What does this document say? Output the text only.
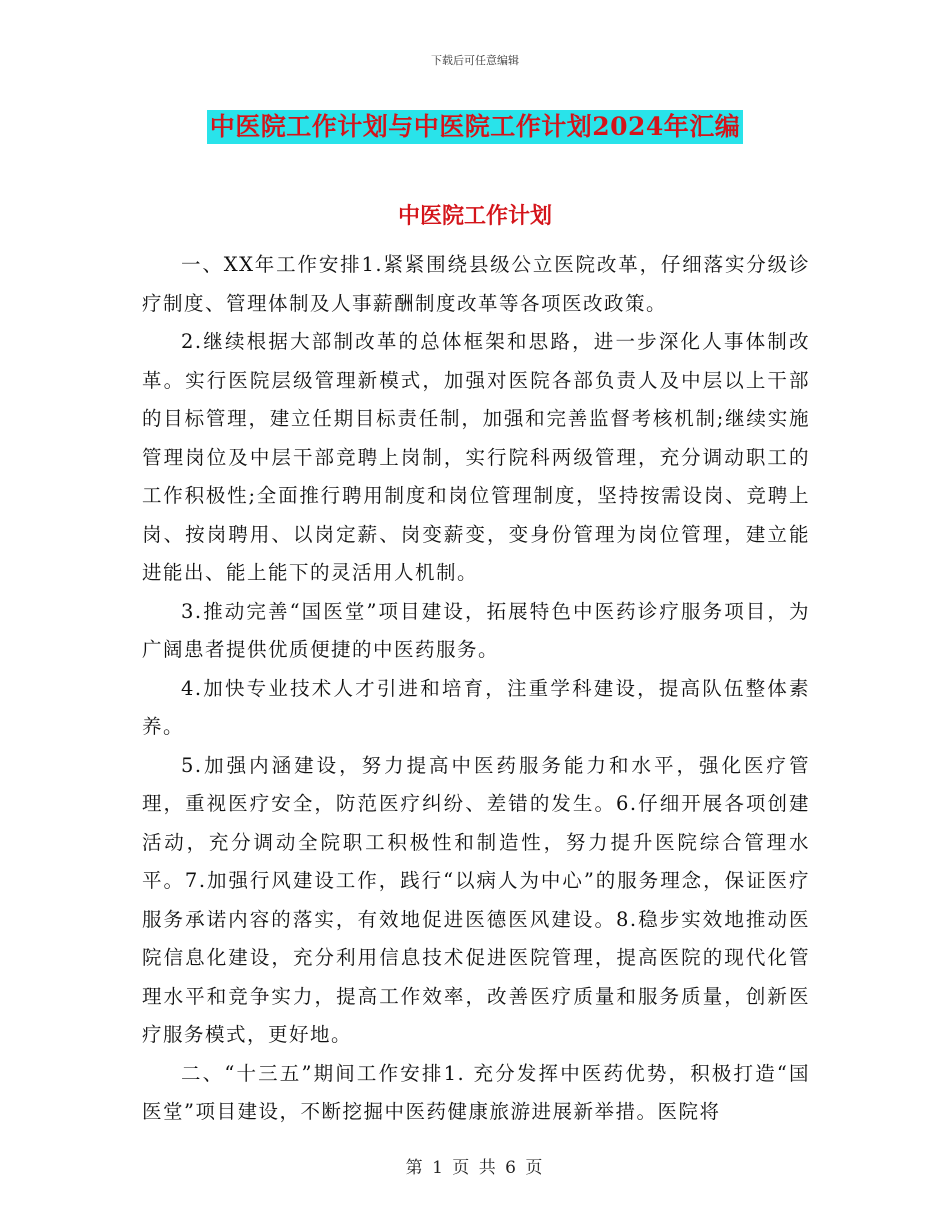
下载后可任意编辑
中医院工作计划与中医院工作计划2024年汇编
中医院工作计划

一、XX年工作安排1.紧紧围绕县级公立医院改革，仔细落实分级诊疗制度、管理体制及人事薪酬制度改革等各项医改政策。

2.继续根据大部制改革的总体框架和思路，进一步深化人事体制改革。实行医院层级管理新模式，加强对医院各部负责人及中层以上干部的目标管理，建立任期目标责任制，加强和完善监督考核机制;继续实施管理岗位及中层干部竞聘上岗制，实行院科两级管理，充分调动职工的工作积极性;全面推行聘用制度和岗位管理制度，坚持按需设岗、竞聘上岗、按岗聘用、以岗定薪、岗变薪变，变身份管理为岗位管理，建立能进能出、能上能下的灵活用人机制。

3.推动完善“国医堂”项目建设，拓展特色中医药诊疗服务项目，为广阔患者提供优质便捷的中医药服务。

4.加快专业技术人才引进和培育，注重学科建设，提高队伍整体素养。

5.加强内涵建设，努力提高中医药服务能力和水平，强化医疗管理，重视医疗安全，防范医疗纠纷、差错的发生。6.仔细开展各项创建活动，充分调动全院职工积极性和制造性，努力提升医院综合管理水平。7.加强行风建设工作，践行“以病人为中心”的服务理念，保证医疗服务承诺内容的落实，有效地促进医德医风建设。8.稳步实效地推动医院信息化建设，充分利用信息技术促进医院管理，提高医院的现代化管理水平和竞争实力，提高工作效率，改善医疗质量和服务质量，创新医疗服务模式，更好地。

二、“十三五”期间工作安排1. 充分发挥中医药优势，积极打造“国医堂”项目建设，不断挖掘中医药健康旅游进展新举措。医院将

第 1 页 共 6 页
